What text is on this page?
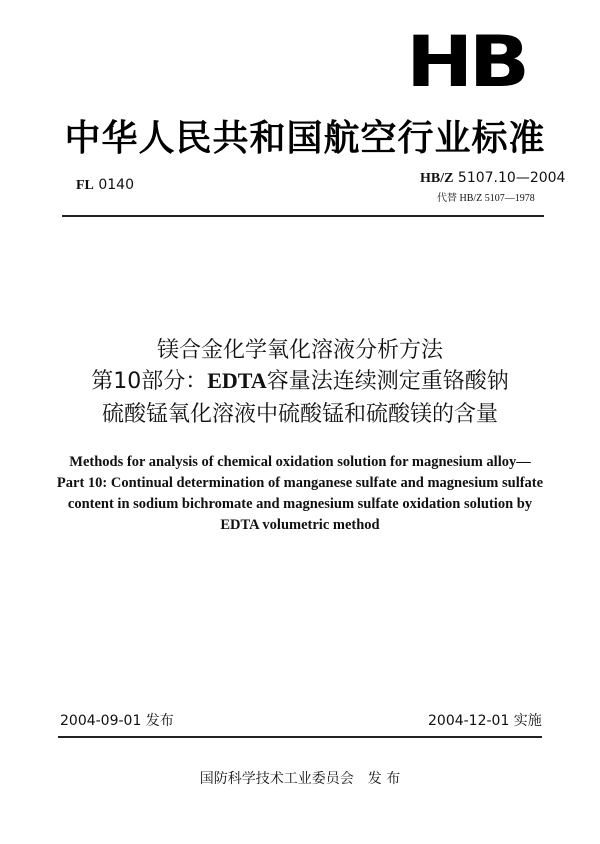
HB
中华人民共和国航空行业标准
FL 0140	HB/Z 5107.10—2004
代替 HB/Z 5107—1978
镁合金化学氧化溶液分析方法
第10部分：EDTA容量法连续测定重铬酸钠
硫酸锰氧化溶液中硫酸锰和硫酸镁的含量
Methods for analysis of chemical oxidation solution for magnesium alloy—
Part 10: Continual determination of manganese sulfate and magnesium sulfate
content in sodium bichromate and magnesium sulfate oxidation solution by
EDTA volumetric method
2004-09-01 发布	2004-12-01 实施
国防科学技术工业委员会　发 布
